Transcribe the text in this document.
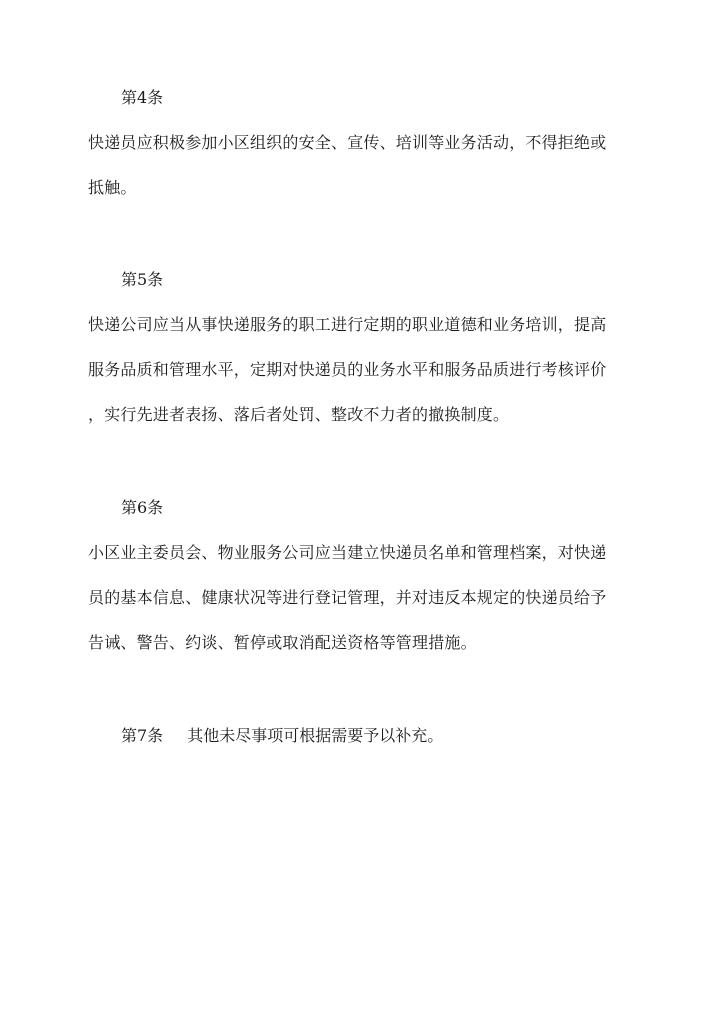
第4条
快递员应积极参加小区组织的安全、宣传、培训等业务活动，不得拒绝或
抵触。
第5条
快递公司应当从事快递服务的职工进行定期的职业道德和业务培训，提高
服务品质和管理水平，定期对快递员的业务水平和服务品质进行考核评价
，实行先进者表扬、落后者处罚、整改不力者的撤换制度。
第6条
小区业主委员会、物业服务公司应当建立快递员名单和管理档案，对快递
员的基本信息、健康状况等进行登记管理，并对违反本规定的快递员给予
告诫、警告、约谈、暂停或取消配送资格等管理措施。
第7条 其他未尽事项可根据需要予以补充。
